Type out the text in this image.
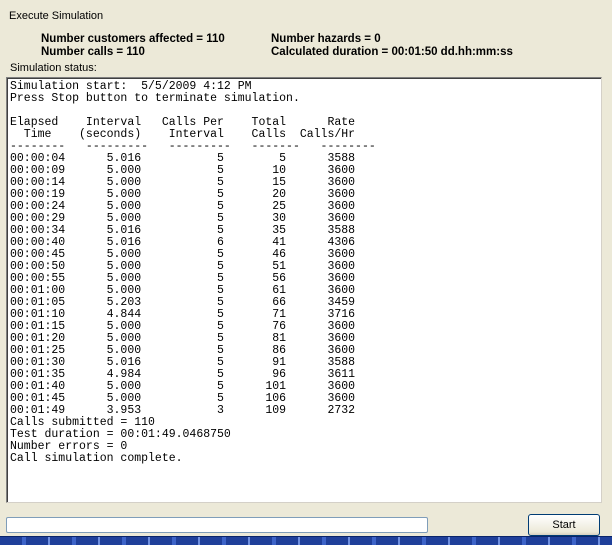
Execute Simulation
Number customers affected = 110
Number calls = 110
Number hazards = 0
Calculated duration = 00:01:50 dd.hh:mm:ss
Simulation status:
Simulation start:  5/5/2009 4:12 PM
Press Stop button to terminate simulation.

Elapsed    Interval   Calls Per    Total      Rate
Time    (seconds)    Interval    Calls  Calls/Hr
--------   ---------   ---------   -------   --------
00:00:04      5.016           5        5      3588
00:00:09      5.000           5       10      3600
00:00:14      5.000           5       15      3600
00:00:19      5.000           5       20      3600
00:00:24      5.000           5       25      3600
00:00:29      5.000           5       30      3600
00:00:34      5.016           5       35      3588
00:00:40      5.016           6       41      4306
00:00:45      5.000           5       46      3600
00:00:50      5.000           5       51      3600
00:00:55      5.000           5       56      3600
00:01:00      5.000           5       61      3600
00:01:05      5.203           5       66      3459
00:01:10      4.844           5       71      3716
00:01:15      5.000           5       76      3600
00:01:20      5.000           5       81      3600
00:01:25      5.000           5       86      3600
00:01:30      5.016           5       91      3588
00:01:35      4.984           5       96      3611
00:01:40      5.000           5      101      3600
00:01:45      5.000           5      106      3600
00:01:49      3.953           3      109      2732
Calls submitted = 110
Test duration = 00:01:49.0468750
Number errors = 0
Call simulation complete.
Start
